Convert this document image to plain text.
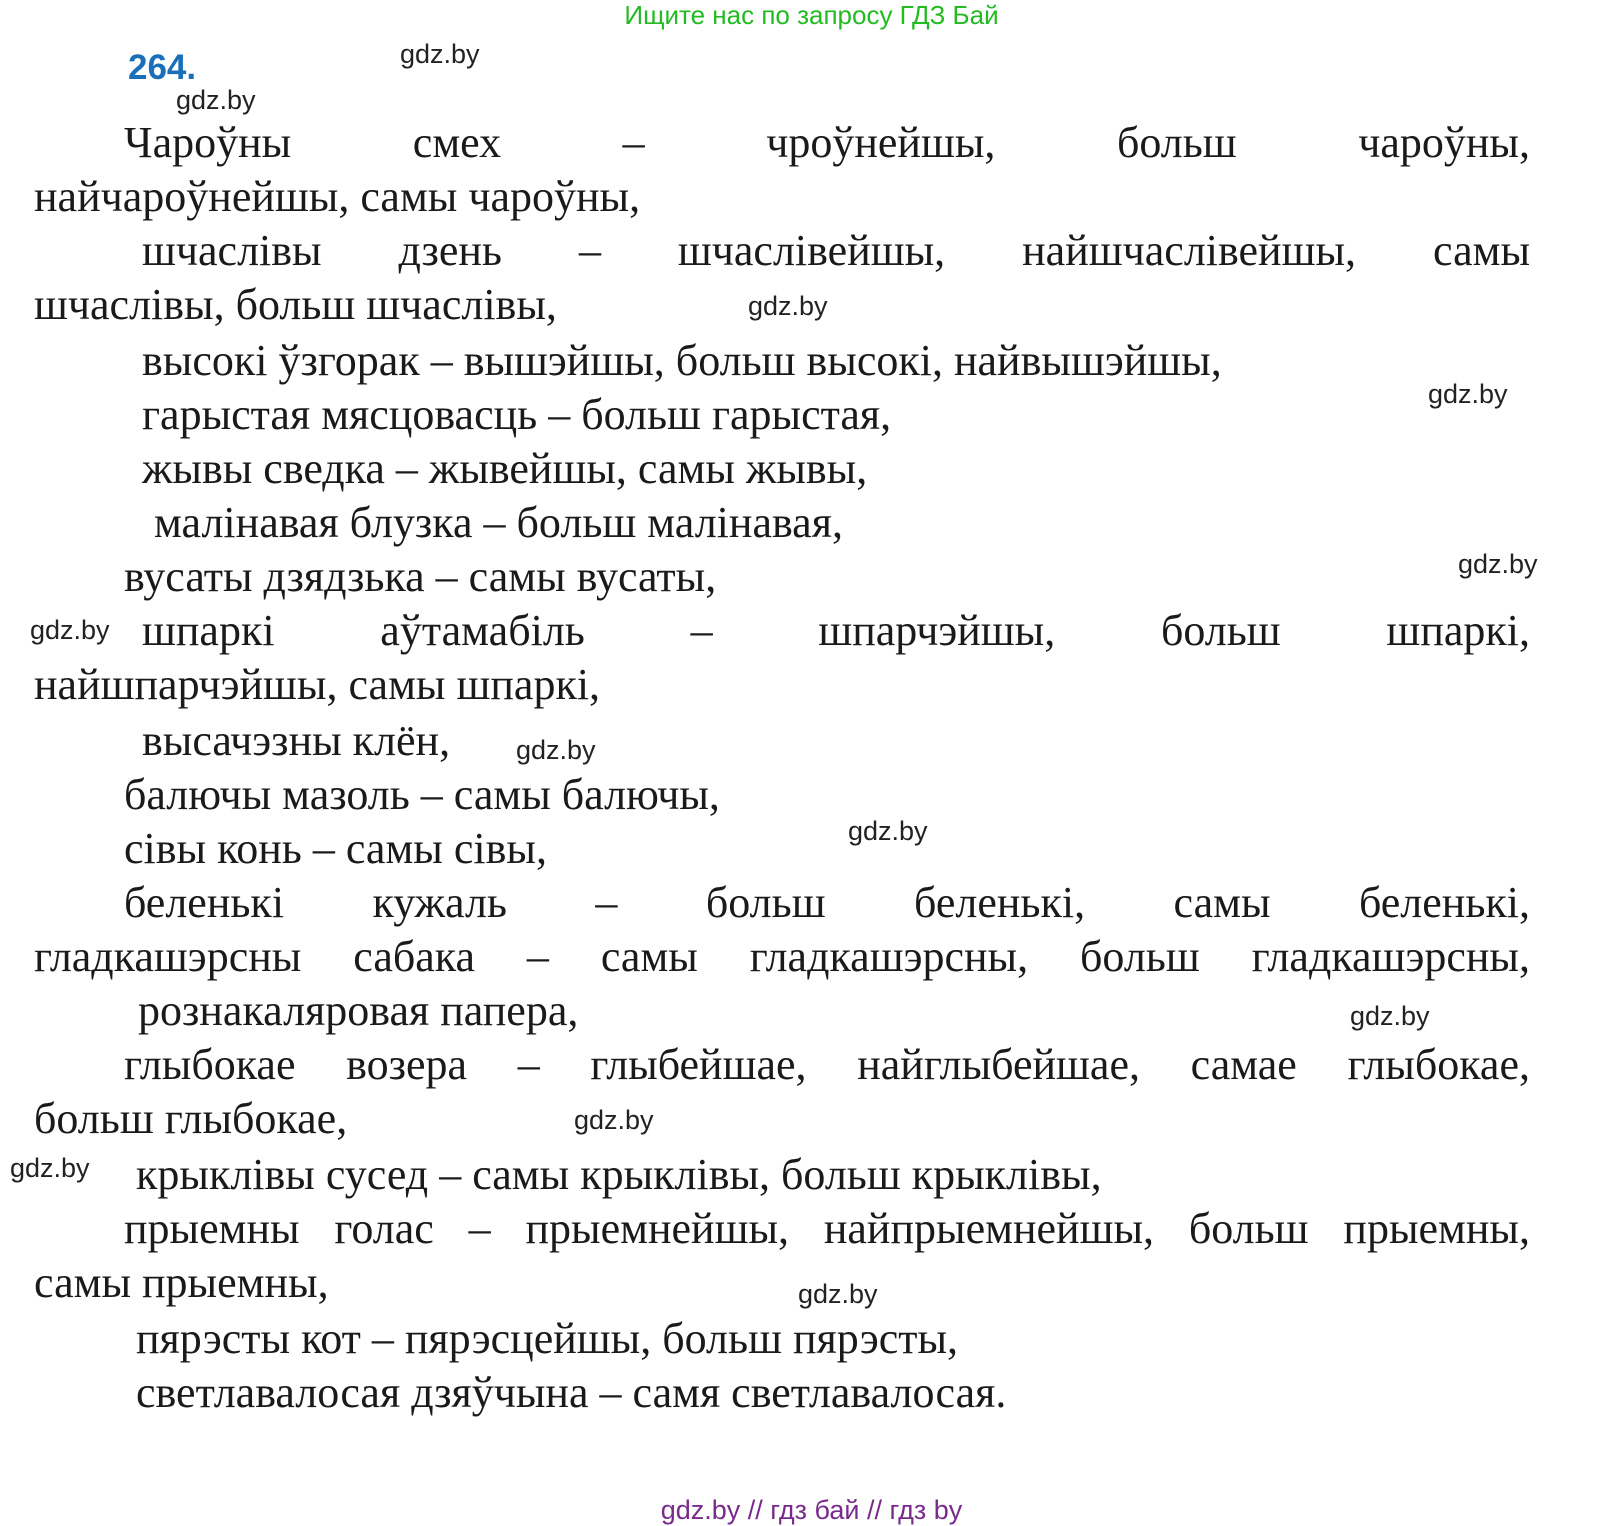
Ищите нас по запросу ГДЗ Бай
264.	gdz.by
gdz.by
gdz.by
gdz.by
gdz.by
gdz.by
gdz.by
gdz.by
gdz.by
gdz.by
gdz.by
gdz.by
Чароўны смех – чроўнейшы, больш чароўны,
найчароўнейшы, самы чароўны,
шчаслівы дзень – шчаслівейшы, найшчаслівейшы, самы
шчаслівы, больш шчаслівы,
высокі ўзгорак – вышэйшы, больш высокі, найвышэйшы,
гарыстая мясцовасць – больш гарыстая,
жывы сведка – жывейшы, самы жывы,
малінавая блузка – больш малінавая,
вусаты дзядзька – самы вусаты,
шпаркі аўтамабіль – шпарчэйшы, больш шпаркі,
найшпарчэйшы, самы шпаркі,
высачэзны клён,
балючы мазоль – самы балючы,
сівы конь – самы сівы,
беленькі кужаль – больш беленькі, самы беленькі,
гладкашэрсны сабака – самы гладкашэрсны, больш гладкашэрсны,
рознакаляровая папера,
глыбокае возера – глыбейшае, найглыбейшае, самае глыбокае,
больш глыбокае,
крыклівы сусед – самы крыклівы, больш крыклівы,
прыемны голас – прыемнейшы, найпрыемнейшы, больш прыемны,
самы прыемны,
пярэсты кот – пярэсцейшы, больш пярэсты,
светлавалосая дзяўчына – самя светлавалосая.
gdz.by // гдз бай // гдз by
